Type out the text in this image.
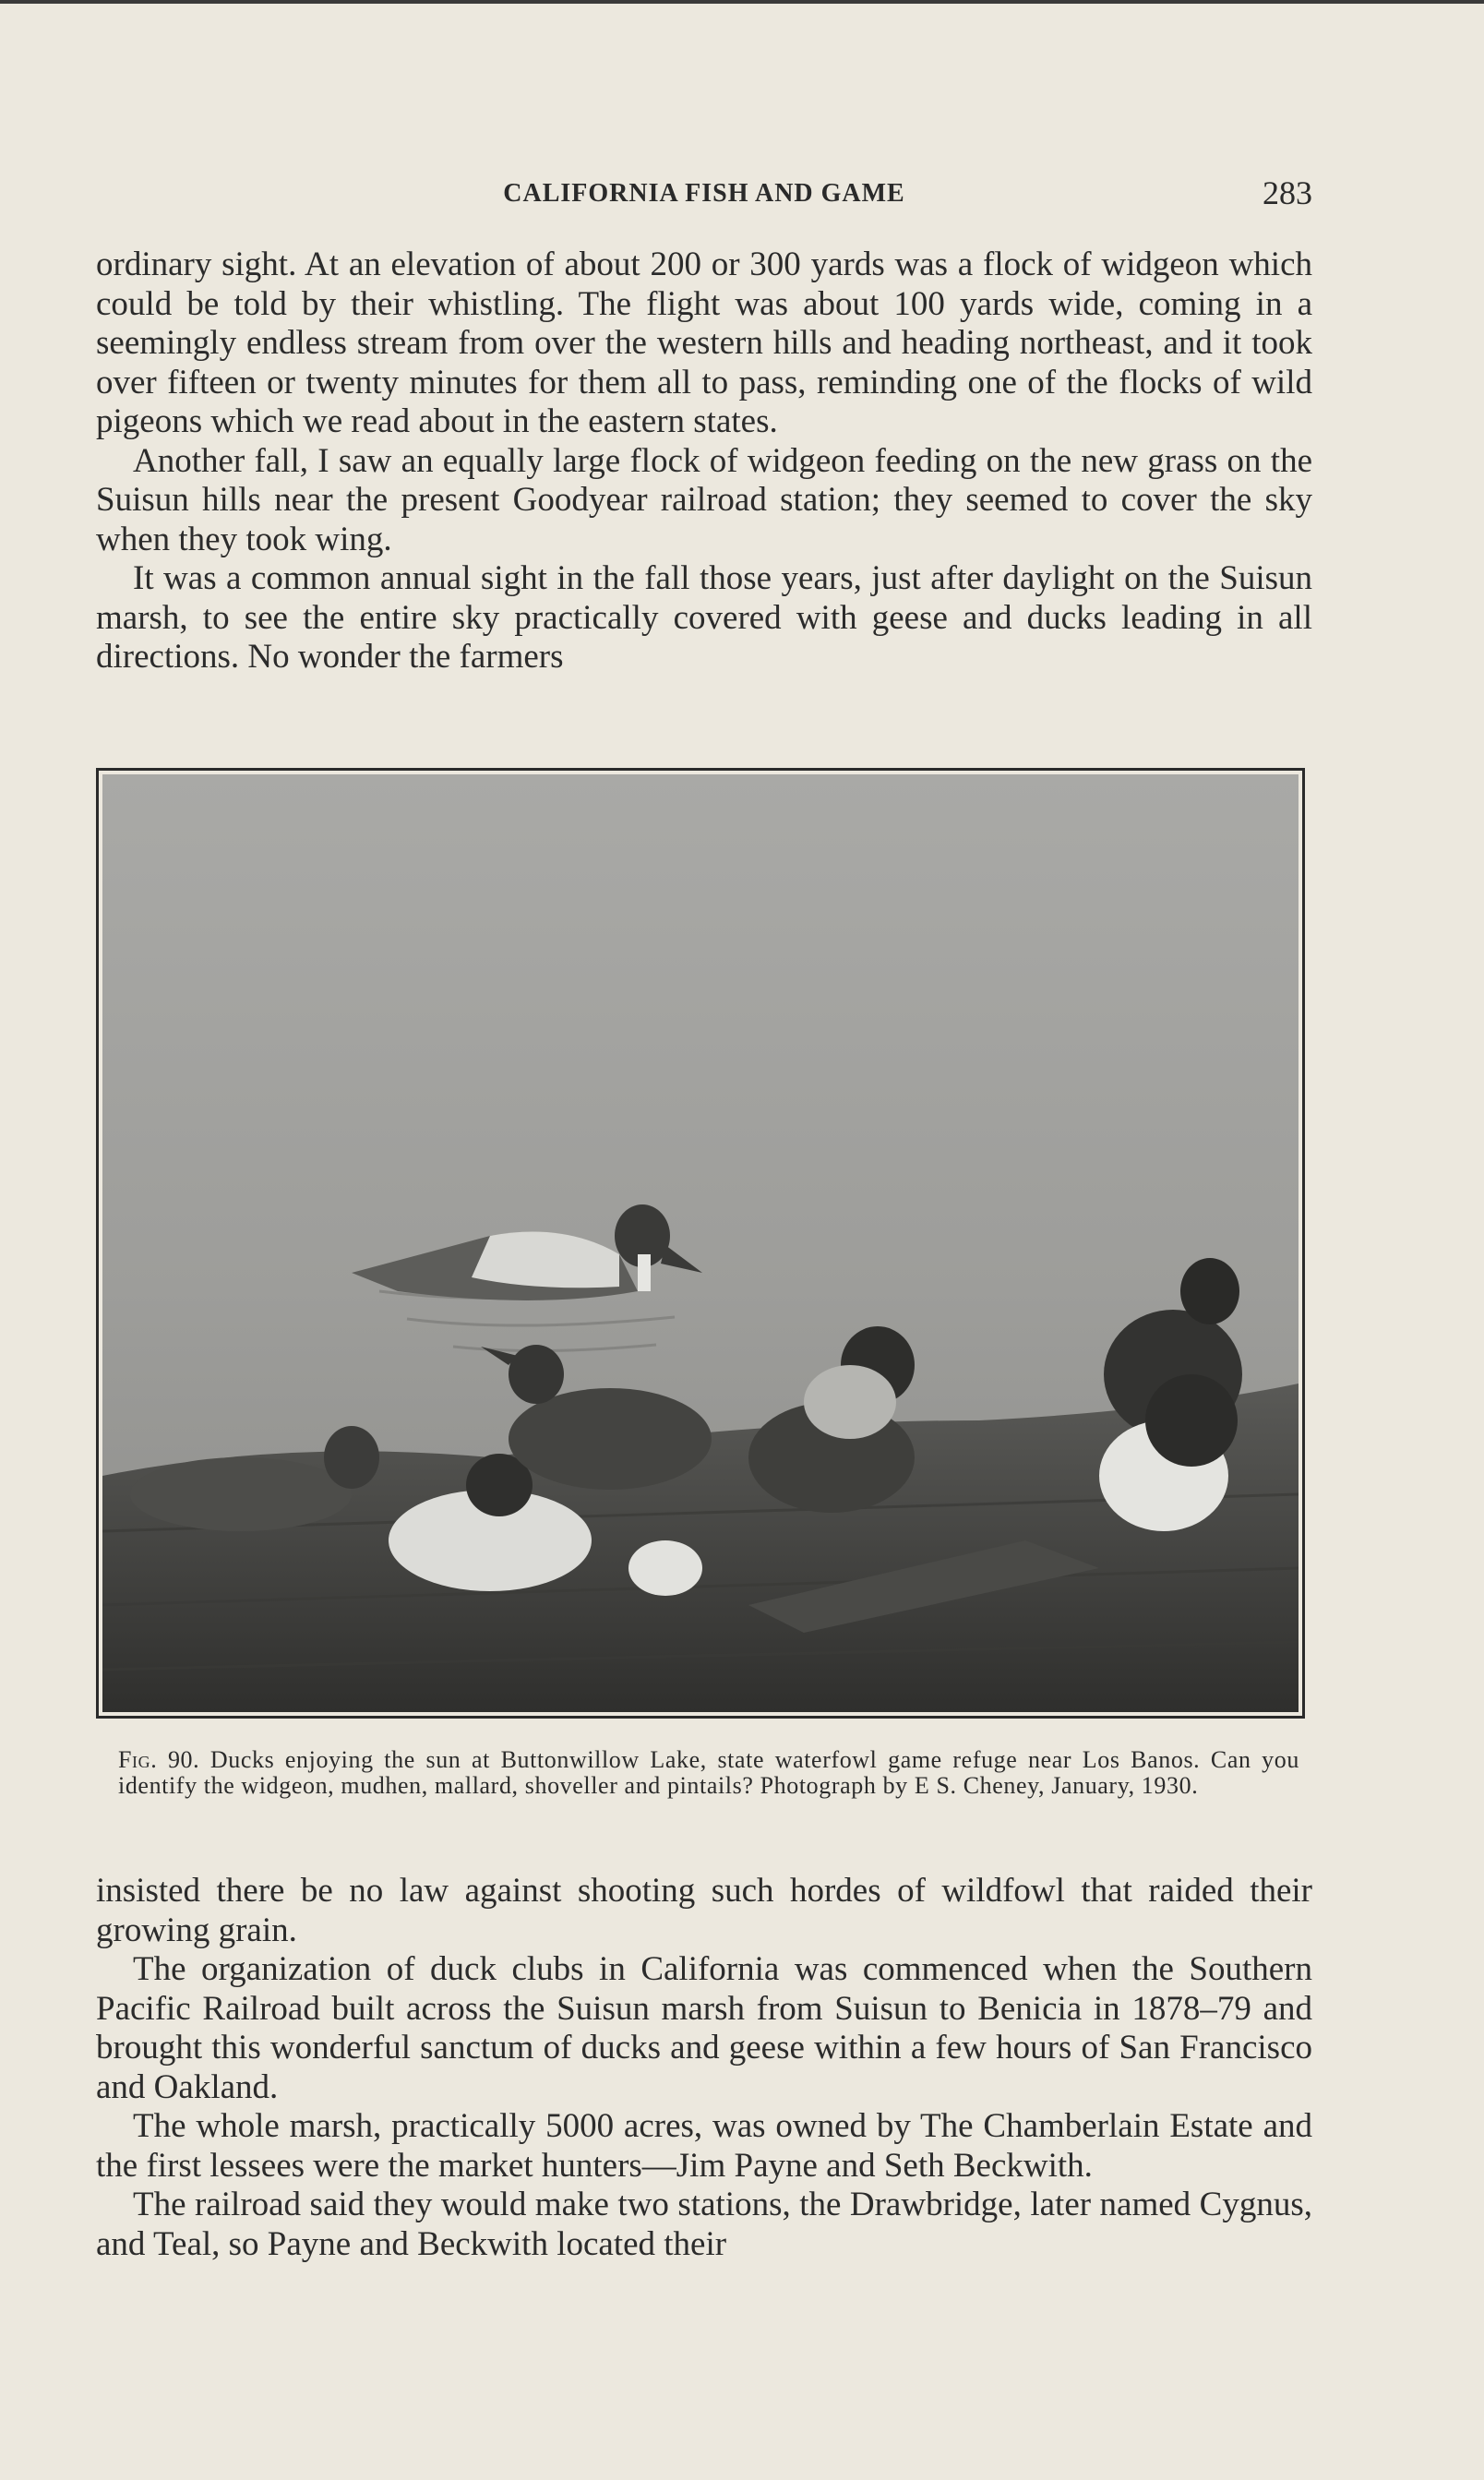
CALIFORNIA FISH AND GAME	283

ordinary sight. At an elevation of about 200 or 300 yards was a flock of widgeon which could be told by their whistling. The flight was about 100 yards wide, coming in a seemingly endless stream from over the western hills and heading northeast, and it took over fifteen or twenty minutes for them all to pass, reminding one of the flocks of wild pigeons which we read about in the eastern states.

Another fall, I saw an equally large flock of widgeon feeding on the new grass on the Suisun hills near the present Goodyear railroad station; they seemed to cover the sky when they took wing.

It was a common annual sight in the fall those years, just after daylight on the Suisun marsh, to see the entire sky practically covered with geese and ducks leading in all directions. No wonder the farmers

Fig. 90. Ducks enjoying the sun at Buttonwillow Lake, state waterfowl game refuge near Los Banos. Can you identify the widgeon, mudhen, mallard, shoveller and pintails? Photograph by E S. Cheney, January, 1930.

insisted there be no law against shooting such hordes of wildfowl that raided their growing grain.

The organization of duck clubs in California was commenced when the Southern Pacific Railroad built across the Suisun marsh from Suisun to Benicia in 1878–79 and brought this wonderful sanctum of ducks and geese within a few hours of San Francisco and Oakland.

The whole marsh, practically 5000 acres, was owned by The Chamberlain Estate and the first lessees were the market hunters—Jim Payne and Seth Beckwith.

The railroad said they would make two stations, the Drawbridge, later named Cygnus, and Teal, so Payne and Beckwith located their
